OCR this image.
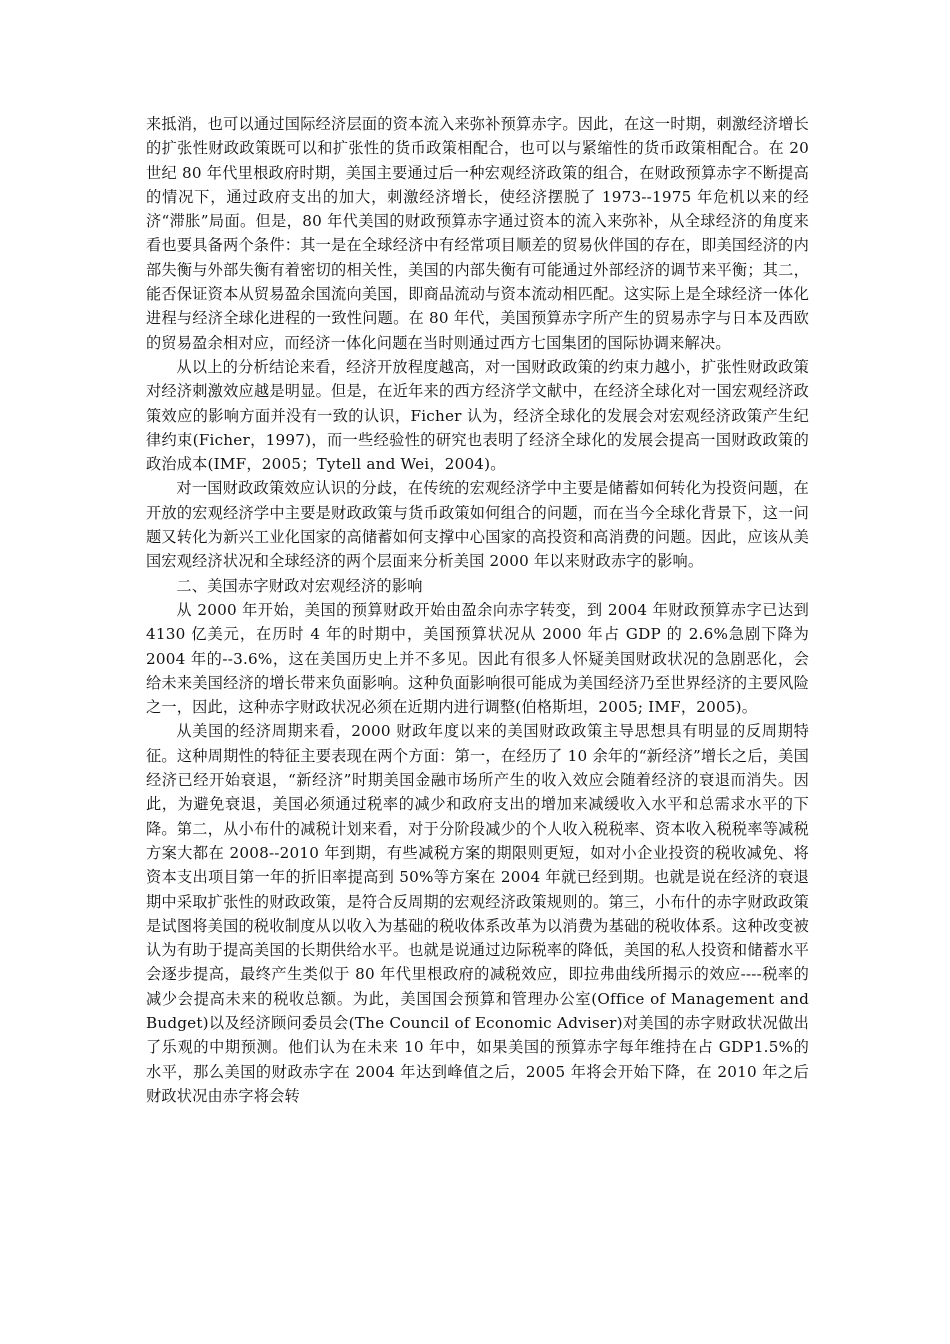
来抵消，也可以通过国际经济层面的资本流入来弥补预算赤字。因此，在这一时期，刺激经济增长的扩张性财政政策既可以和扩张性的货币政策相配合，也可以与紧缩性的货币政策相配合。在 20 世纪 80 年代里根政府时期，美国主要通过后一种宏观经济政策的组合，在财政预算赤字不断提高的情况下，通过政府支出的加大，刺激经济增长，使经济摆脱了 1973--1975 年危机以来的经济“滞胀”局面。但是，80 年代美国的财政预算赤字通过资本的流入来弥补，从全球经济的角度来看也要具备两个条件：其一是在全球经济中有经常项目顺差的贸易伙伴国的存在，即美国经济的内部失衡与外部失衡有着密切的相关性，美国的内部失衡有可能通过外部经济的调节来平衡；其二，能否保证资本从贸易盈余国流向美国，即商品流动与资本流动相匹配。这实际上是全球经济一体化进程与经济全球化进程的一致性问题。在 80 年代，美国预算赤字所产生的贸易赤字与日本及西欧的贸易盈余相对应，而经济一体化问题在当时则通过西方七国集团的国际协调来解决。

从以上的分析结论来看，经济开放程度越高，对一国财政政策的约束力越小，扩张性财政政策对经济刺激效应越是明显。但是，在近年来的西方经济学文献中，在经济全球化对一国宏观经济政策效应的影响方面并没有一致的认识，Ficher 认为，经济全球化的发展会对宏观经济政策产生纪律约束(Ficher，1997)，而一些经验性的研究也表明了经济全球化的发展会提高一国财政政策的政治成本(IMF，2005；Tytell and Wei，2004)。

对一国财政政策效应认识的分歧，在传统的宏观经济学中主要是储蓄如何转化为投资问题，在开放的宏观经济学中主要是财政政策与货币政策如何组合的问题，而在当今全球化背景下，这一问题又转化为新兴工业化国家的高储蓄如何支撑中心国家的高投资和高消费的问题。因此，应该从美国宏观经济状况和全球经济的两个层面来分析美国 2000 年以来财政赤字的影响。

二、美国赤字财政对宏观经济的影响

从 2000 年开始，美国的预算财政开始由盈余向赤字转变，到 2004 年财政预算赤字已达到 4130 亿美元，在历时 4 年的时期中，美国预算状况从 2000 年占 GDP 的 2.6%急剧下降为 2004 年的--3.6%，这在美国历史上并不多见。因此有很多人怀疑美国财政状况的急剧恶化，会给未来美国经济的增长带来负面影响。这种负面影响很可能成为美国经济乃至世界经济的主要风险之一，因此，这种赤字财政状况必须在近期内进行调整(伯格斯坦，2005; IMF，2005)。

从美国的经济周期来看，2000 财政年度以来的美国财政政策主导思想具有明显的反周期特征。这种周期性的特征主要表现在两个方面：第一，在经历了 10 余年的“新经济”增长之后，美国经济已经开始衰退，“新经济”时期美国金融市场所产生的收入效应会随着经济的衰退而消失。因此，为避免衰退，美国必须通过税率的减少和政府支出的增加来减缓收入水平和总需求水平的下降。第二，从小布什的减税计划来看，对于分阶段减少的个人收入税税率、资本收入税税率等减税方案大都在 2008--2010 年到期，有些减税方案的期限则更短，如对小企业投资的税收减免、将资本支出项目第一年的折旧率提高到 50%等方案在 2004 年就已经到期。也就是说在经济的衰退期中采取扩张性的财政政策，是符合反周期的宏观经济政策规则的。第三，小布什的赤字财政政策是试图将美国的税收制度从以收入为基础的税收体系改革为以消费为基础的税收体系。这种改变被认为有助于提高美国的长期供给水平。也就是说通过边际税率的降低，美国的私人投资和储蓄水平会逐步提高，最终产生类似于 80 年代里根政府的减税效应，即拉弗曲线所揭示的效应----税率的减少会提高未来的税收总额。为此，美国国会预算和管理办公室(Office of Management and Budget)以及经济顾问委员会(The Council of Economic Adviser)对美国的赤字财政状况做出了乐观的中期预测。他们认为在未来 10 年中，如果美国的预算赤字每年维持在占 GDP1.5%的水平，那么美国的财政赤字在 2004 年达到峰值之后，2005 年将会开始下降，在 2010 年之后财政状况由赤字将会转
